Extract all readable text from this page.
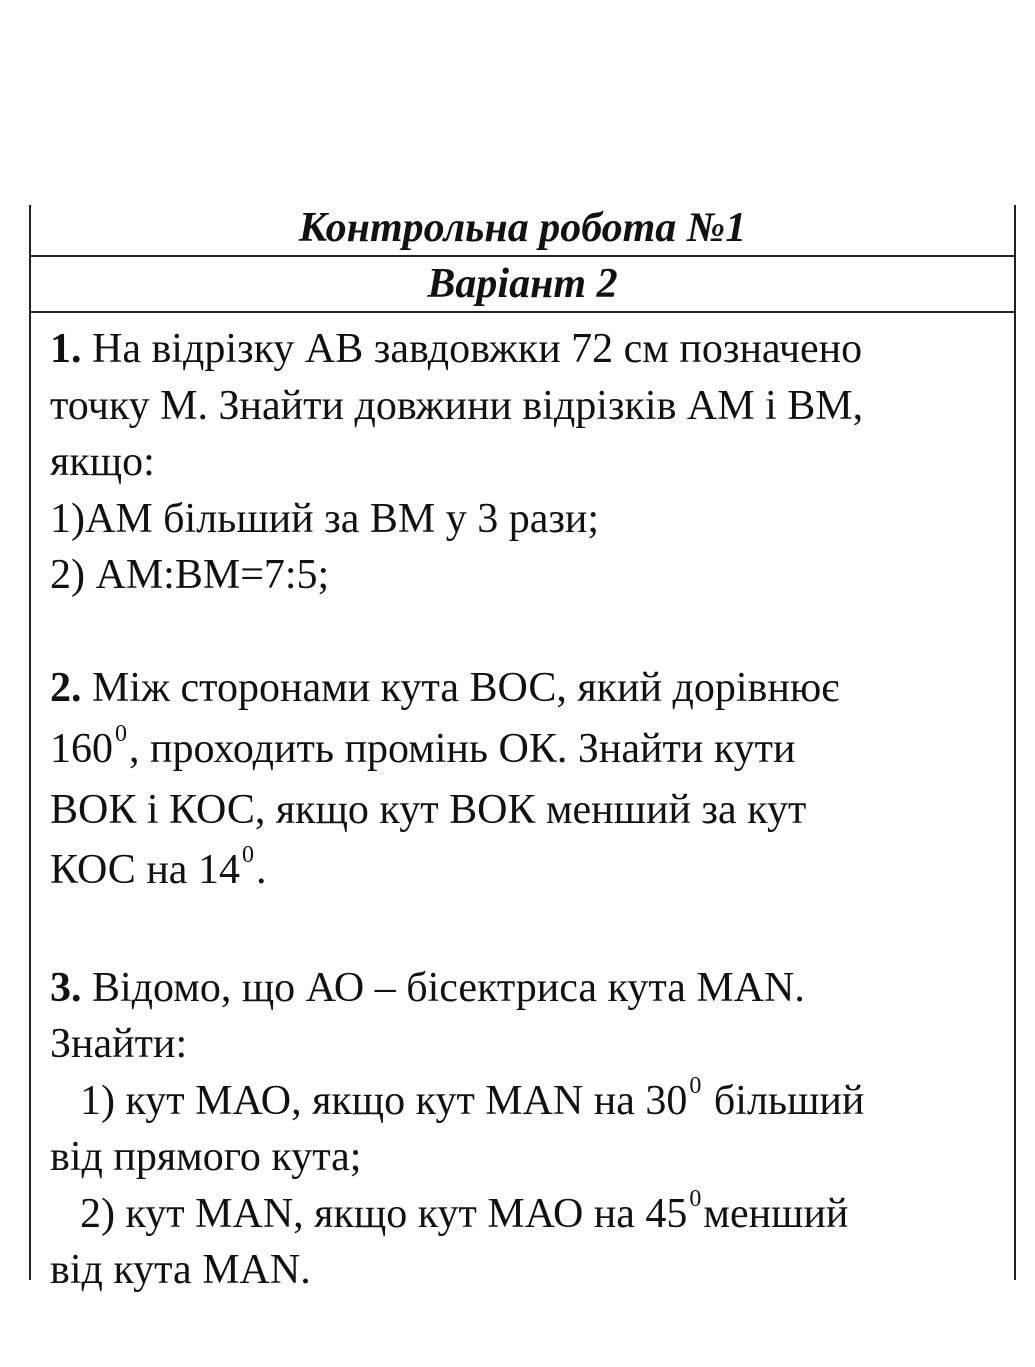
Контрольна робота №1
Варіант 2
1. На відрізку АВ завдовжки 72 см позначено
точку М. Знайти довжини відрізків АМ і ВМ,
якщо:
1)АМ більший за ВМ у 3 рази;
2) АМ:ВМ=7:5;
2. Між сторонами кута ВОС, який дорівнює
$160^0$, проходить промінь ОК. Знайти кути
ВОК і КОС, якщо кут ВОК менший за кут
КОС на $14^0$.
3. Відомо, що АО – бісектриса кута МАN.
Знайти:
1) кут МАО, якщо кут МАN на $30^0$ більший
від прямого кута;
2) кут МАN, якщо кут МАО на $45^0менший$
від кута МАN.
